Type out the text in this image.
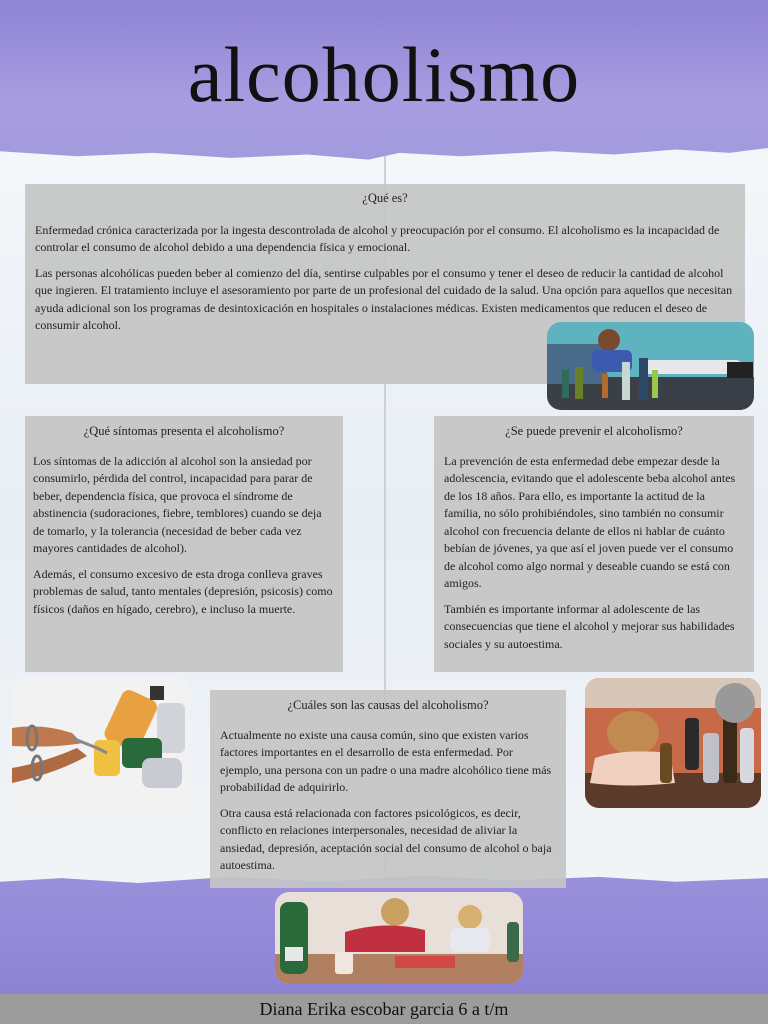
alcoholismo
¿Qué es?

Enfermedad crónica caracterizada por la ingesta descontrolada de alcohol y preocupación por el consumo. El alcoholismo es la incapacidad de controlar el consumo de alcohol debido a una dependencia física y emocional.

Las personas alcohólicas pueden beber al comienzo del día, sentirse culpables por el consumo y tener el deseo de reducir la cantidad de alcohol que ingieren. El tratamiento incluye el asesoramiento por parte de un profesional del cuidado de la salud. Una opción para aquellos que necesitan ayuda adicional son los programas de desintoxicación en hospitales o instalaciones médicas. Existen medicamentos que reducen el deseo de consumir alcohol.

¿Qué síntomas presenta el alcoholismo?

Los síntomas de la adicción al alcohol son la ansiedad por consumirlo, pérdida del control, incapacidad para parar de beber, dependencia física, que provoca el síndrome de abstinencia (sudoraciones, fiebre, temblores) cuando se deja de tomarlo, y la tolerancia (necesidad de beber cada vez mayores cantidades de alcohol).

Además, el consumo excesivo de esta droga conlleva graves problemas de salud, tanto mentales (depresión, psicosis) como físicos (daños en hígado, cerebro), e incluso la muerte.

¿Se puede prevenir el alcoholismo?

La prevención de esta enfermedad debe empezar desde la adolescencia, evitando que el adolescente beba alcohol antes de los 18 años. Para ello, es importante la actitud de la familia, no sólo prohibiéndoles, sino también no consumir alcohol con frecuencia delante de ellos ni hablar de cuánto bebían de jóvenes, ya que así el joven puede ver el consumo de alcohol como algo normal y deseable cuando se está con amigos.

También es importante informar al adolescente de las consecuencias que tiene el alcohol y mejorar sus habilidades sociales y su autoestima.

¿Cuáles son las causas del alcoholismo?

Actualmente no existe una causa común, sino que existen varios factores importantes en el desarrollo de esta enfermedad. Por ejemplo, una persona con un padre o una madre alcohólico tiene más probabilidad de adquirirlo.

Otra causa está relacionada con factores psicológicos, es decir, conflicto en relaciones interpersonales, necesidad de aliviar la ansiedad, depresión, aceptación social del consumo de alcohol o baja autoestima.

Diana Erika escobar garcia 6 a t/m
